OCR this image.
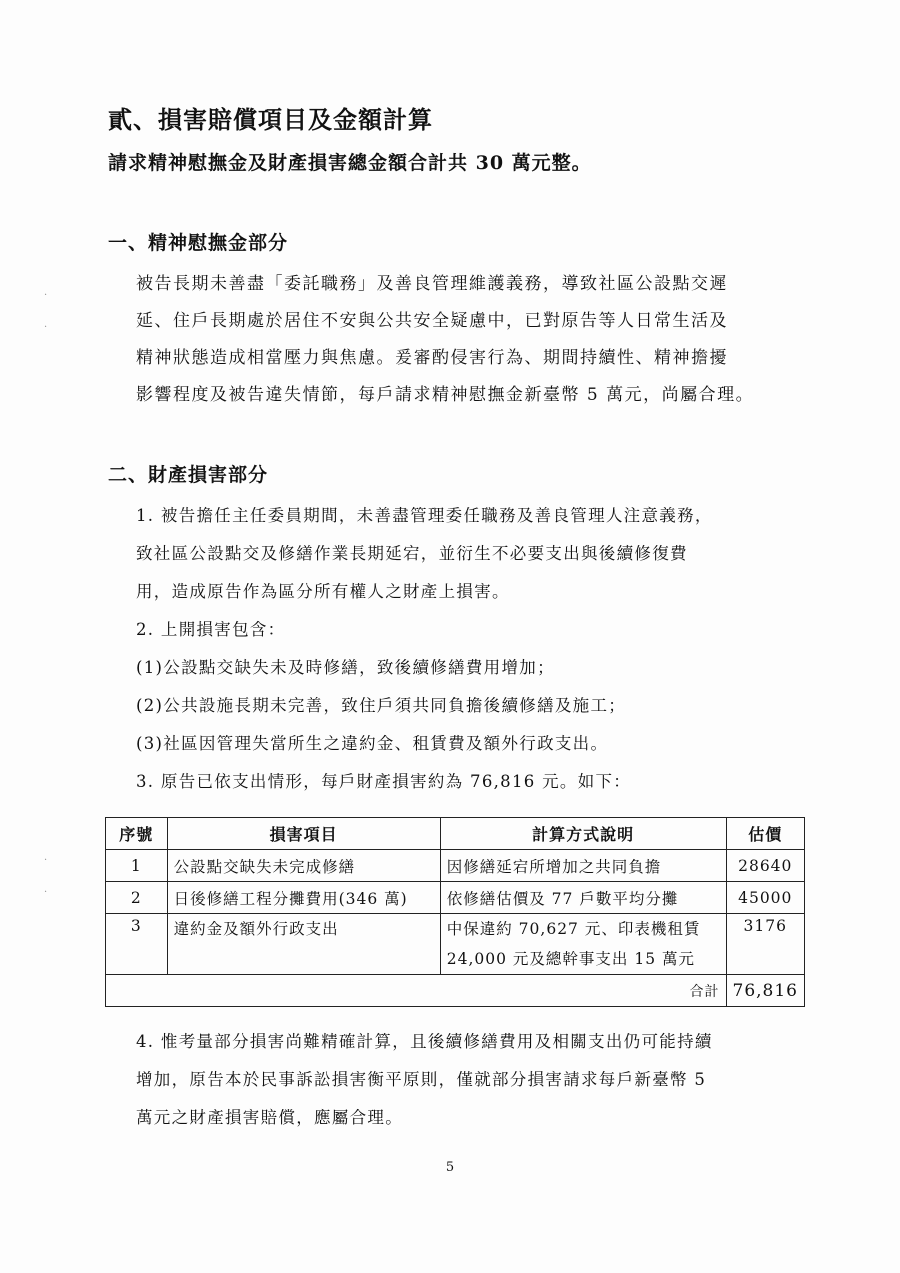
貳、損害賠償項目及金額計算
請求精神慰撫金及財產損害總金額合計共 30 萬元整。
一、精神慰撫金部分
被告長期未善盡「委託職務」及善良管理維護義務，導致社區公設點交遲
延、住戶長期處於居住不安與公共安全疑慮中，已對原告等人日常生活及
精神狀態造成相當壓力與焦慮。爰審酌侵害行為、期間持續性、精神擔擾
影響程度及被告違失情節，每戶請求精神慰撫金新臺幣 5 萬元，尚屬合理。
二、財產損害部分
1. 被告擔任主任委員期間，未善盡管理委任職務及善良管理人注意義務，
致社區公設點交及修繕作業長期延宕，並衍生不必要支出與後續修復費
用，造成原告作為區分所有權人之財產上損害。
2. 上開損害包含：
(1)公設點交缺失未及時修繕，致後續修繕費用增加；
(2)公共設施長期未完善，致住戶須共同負擔後續修繕及施工；
(3)社區因管理失當所生之違約金、租賃費及額外行政支出。
3. 原告已依支出情形，每戶財產損害約為 76,816 元。如下：
序號	損害項目	計算方式說明	估價
1	公設點交缺失未完成修繕	因修繕延宕所增加之共同負擔	28640
2	日後修繕工程分攤費用(346 萬)	依修繕估價及 77 戶數平均分攤	45000
3	違約金及額外行政支出	中保違約 70,627 元、印表機租賃
24,000 元及總幹事支出 15 萬元	3176
合計			76,816
4. 惟考量部分損害尚難精確計算，且後續修繕費用及相關支出仍可能持續
增加，原告本於民事訴訟損害衡平原則，僅就部分損害請求每戶新臺幣 5
萬元之財產損害賠償，應屬合理。
5
·
·
·
·
